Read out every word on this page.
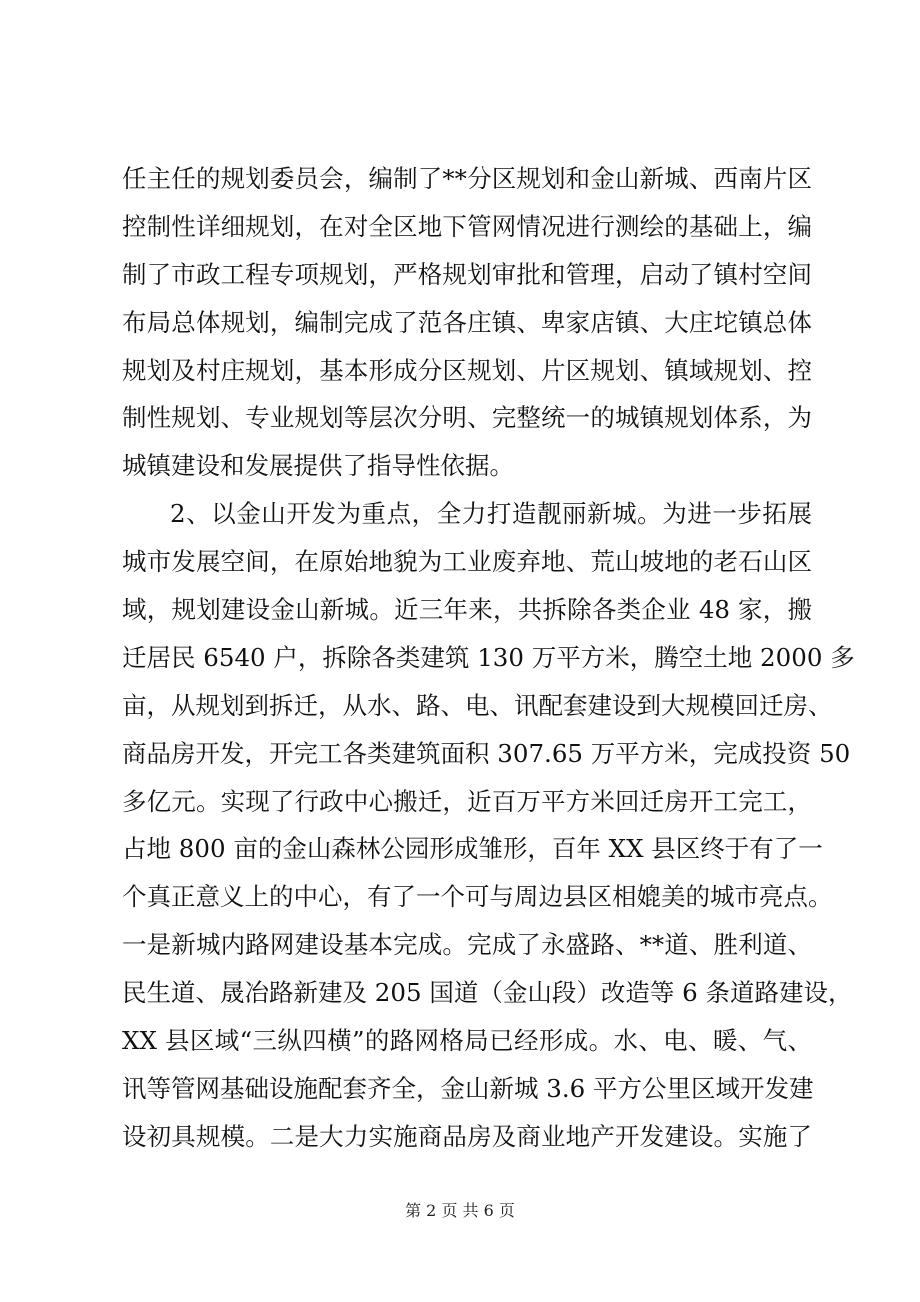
任主任的规划委员会，编制了**分区规划和金山新城、西南片区
控制性详细规划，在对全区地下管网情况进行测绘的基础上，编
制了市政工程专项规划，严格规划审批和管理，启动了镇村空间
布局总体规划，编制完成了范各庄镇、卑家店镇、大庄坨镇总体
规划及村庄规划，基本形成分区规划、片区规划、镇域规划、控
制性规划、专业规划等层次分明、完整统一的城镇规划体系，为
城镇建设和发展提供了指导性依据。
2、以金山开发为重点，全力打造靓丽新城。为进一步拓展
城市发展空间，在原始地貌为工业废弃地、荒山坡地的老石山区
域，规划建设金山新城。近三年来，共拆除各类企业 48 家，搬
迁居民 6540 户，拆除各类建筑 130 万平方米，腾空土地 2000 多
亩，从规划到拆迁，从水、路、电、讯配套建设到大规模回迁房、
商品房开发，开完工各类建筑面积 307.65 万平方米，完成投资 50
多亿元。实现了行政中心搬迁，近百万平方米回迁房开工完工，
占地 800 亩的金山森林公园形成雏形，百年 XX 县区终于有了一
个真正意义上的中心，有了一个可与周边县区相媲美的城市亮点。
一是新城内路网建设基本完成。完成了永盛路、**道、胜利道、
民生道、晟冶路新建及 205 国道（金山段）改造等 6 条道路建设，
XX 县区域“三纵四横”的路网格局已经形成。水、电、暖、气、
讯等管网基础设施配套齐全，金山新城 3.6 平方公里区域开发建
设初具规模。二是大力实施商品房及商业地产开发建设。实施了
第 2 页 共 6 页
